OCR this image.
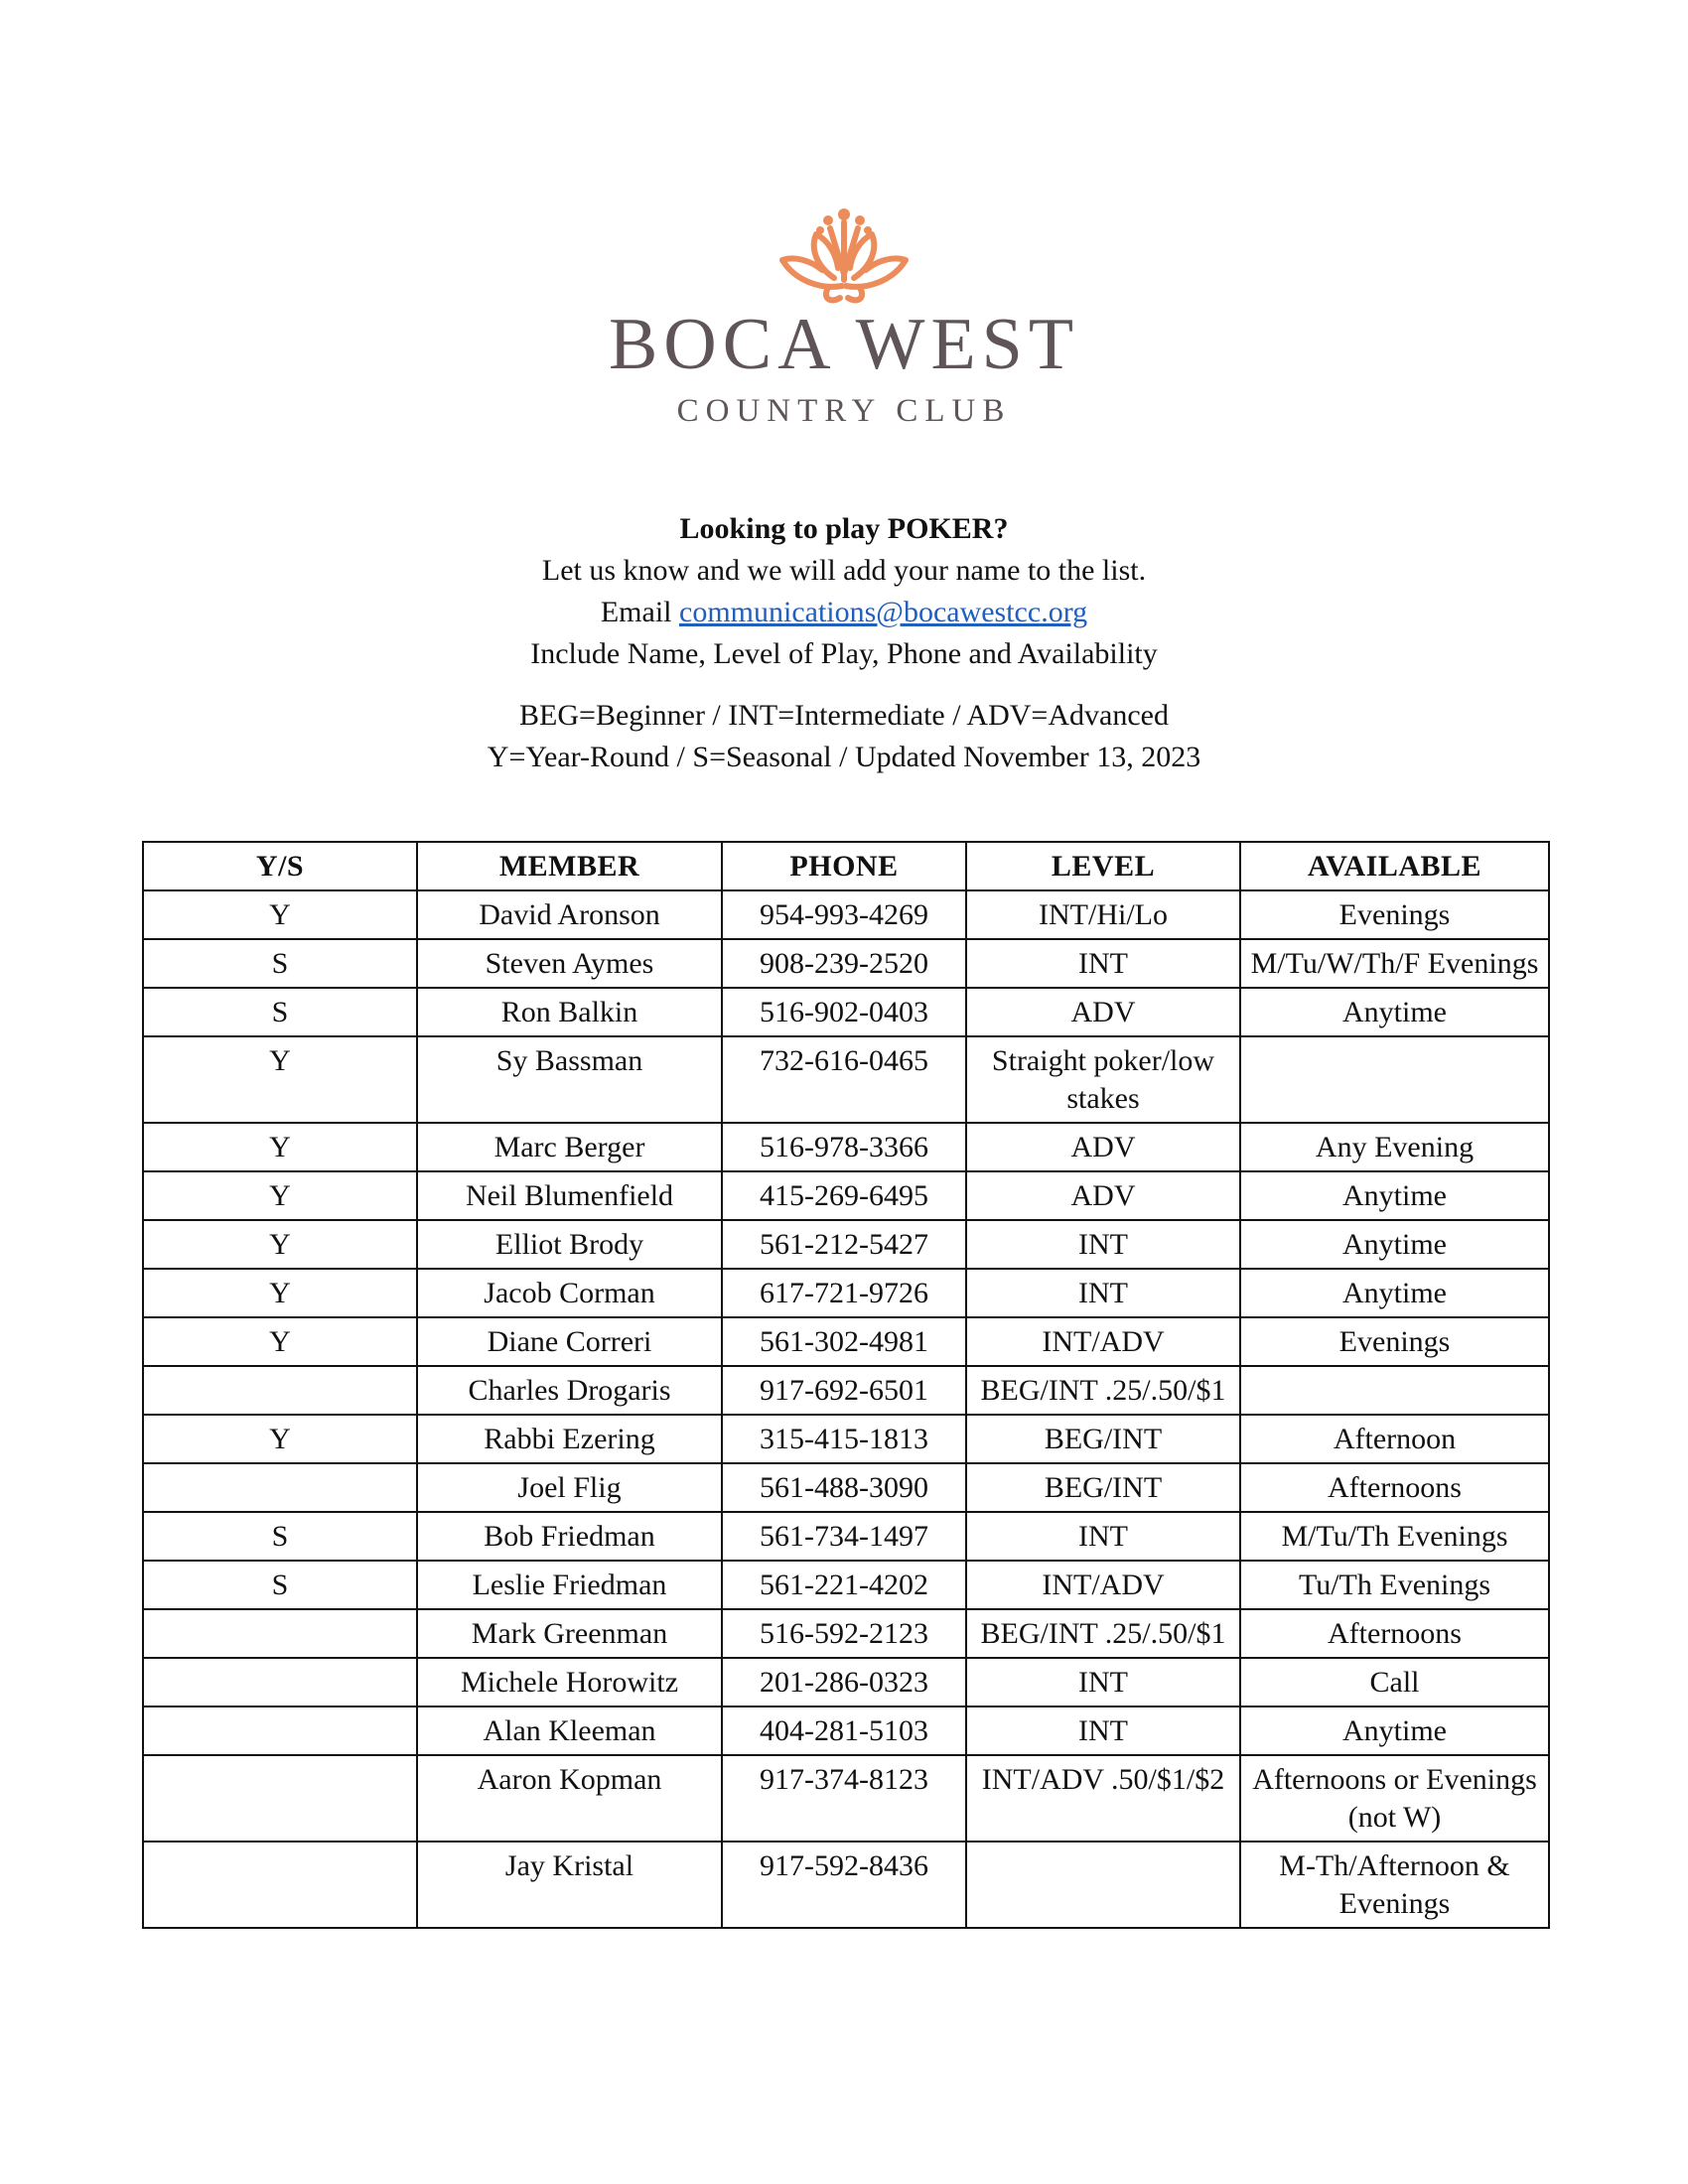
BOCA WEST
COUNTRY CLUB
Looking to play POKER?
Let us know and we will add your name to the list.
Email communications@bocawestcc.org
Include Name, Level of Play, Phone and Availability
BEG=Beginner / INT=Intermediate / ADV=Advanced
Y=Year-Round / S=Seasonal / Updated November 13, 2023
Y/S	MEMBER	PHONE	LEVEL	AVAILABLE
Y	David Aronson	954-993-4269	INT/Hi/Lo	Evenings
S	Steven Aymes	908-239-2520	INT	M/Tu/W/Th/F Evenings
S	Ron Balkin	516-902-0403	ADV	Anytime
Y	Sy Bassman	732-616-0465	Straight poker/low stakes	
Y	Marc Berger	516-978-3366	ADV	Any Evening
Y	Neil Blumenfield	415-269-6495	ADV	Anytime
Y	Elliot Brody	561-212-5427	INT	Anytime
Y	Jacob Corman	617-721-9726	INT	Anytime
Y	Diane Correri	561-302-4981	INT/ADV	Evenings
	Charles Drogaris	917-692-6501	BEG/INT .25/.50/$1	
Y	Rabbi Ezering	315-415-1813	BEG/INT	Afternoon
	Joel Flig	561-488-3090	BEG/INT	Afternoons
S	Bob Friedman	561-734-1497	INT	M/Tu/Th Evenings
S	Leslie Friedman	561-221-4202	INT/ADV	Tu/Th Evenings
	Mark Greenman	516-592-2123	BEG/INT .25/.50/$1	Afternoons
	Michele Horowitz	201-286-0323	INT	Call
	Alan Kleeman	404-281-5103	INT	Anytime
	Aaron Kopman	917-374-8123	INT/ADV .50/$1/$2	Afternoons or Evenings (not W)
	Jay Kristal	917-592-8436		M-Th/Afternoon & Evenings
